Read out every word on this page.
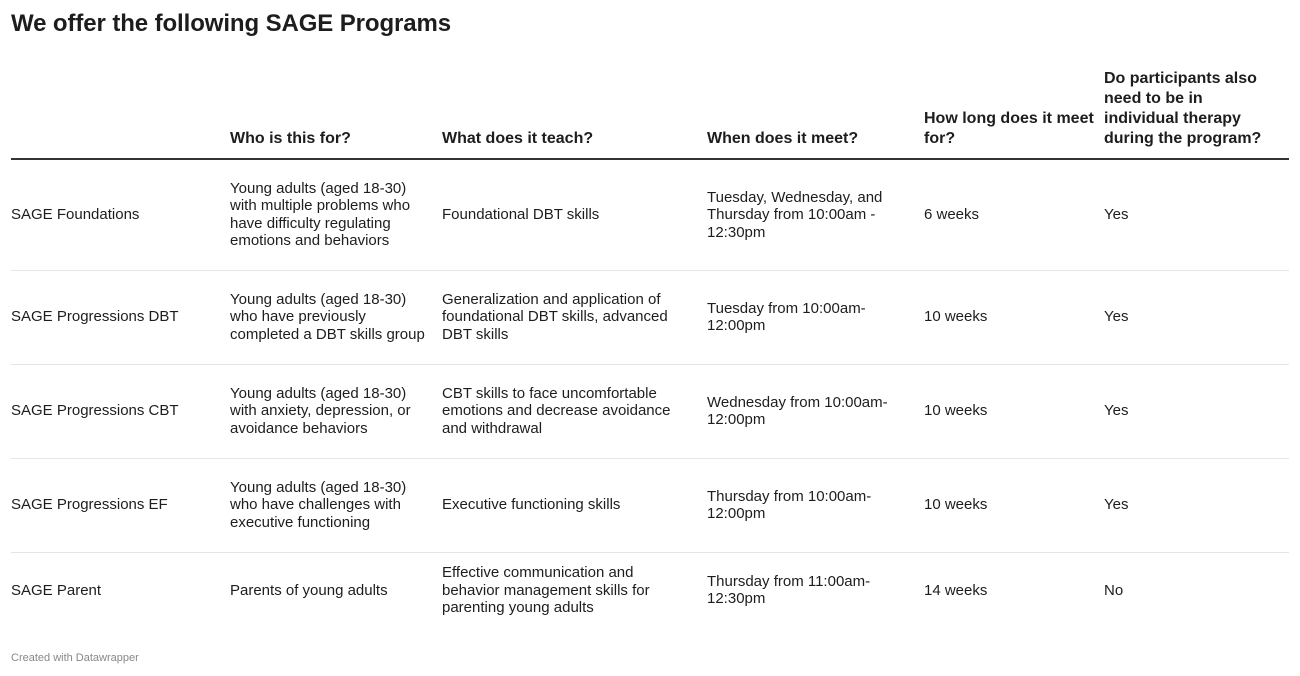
We offer the following SAGE Programs
	Who is this for?	What does it teach?	When does it meet?	How long does it meet for?	Do participants also need to be in individual therapy during the program?
SAGE Foundations	Young adults (aged 18-30) with multiple problems who have difficulty regulating emotions and behaviors	Foundational DBT skills	Tuesday, Wednesday, and Thursday from 10:00am - 12:30pm	6 weeks	Yes
SAGE Progressions DBT	Young adults (aged 18-30) who have previously completed a DBT skills group	Generalization and application of foundational DBT skills, advanced DBT skills	Tuesday from 10:00am-12:00pm	10 weeks	Yes
SAGE Progressions CBT	Young adults (aged 18-30) with anxiety, depression, or avoidance behaviors	CBT skills to face uncomfortable emotions and decrease avoidance and withdrawal	Wednesday from 10:00am-12:00pm	10 weeks	Yes
SAGE Progressions EF	Young adults (aged 18-30) who have challenges with executive functioning	Executive functioning skills	Thursday from 10:00am-12:00pm	10 weeks	Yes
SAGE Parent	Parents of young adults	Effective communication and behavior management skills for parenting young adults	Thursday from 11:00am-12:30pm	14 weeks	No
Created with Datawrapper
